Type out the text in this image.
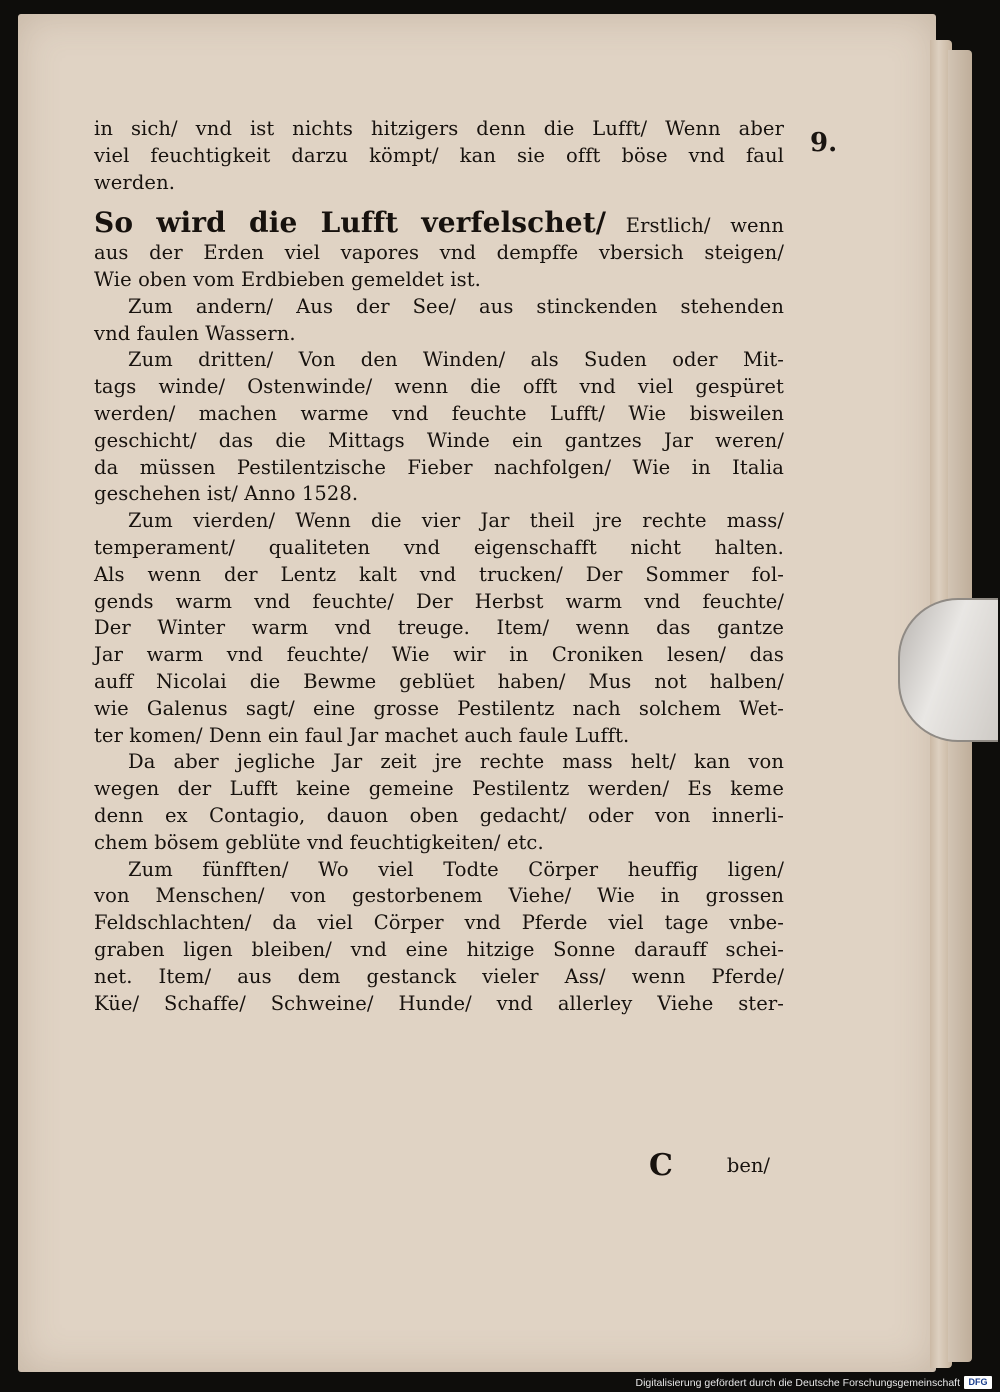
9.

in sich/ vnd ist nichts hitzigers denn die Lufft/ Wenn aber
viel feuchtigkeit darzu kömpt/ kan sie offt böse vnd faul
werden.

So wird die Lufft verfelschet/ Erstlich/ wenn
aus der Erden viel vapores vnd dempffe vbersich steigen/
Wie oben vom Erdbieben gemeldet ist.

Zum andern/ Aus der See/ aus stinckenden stehenden
vnd faulen Wassern.

Zum dritten/ Von den Winden/ als Suden oder Mit-
tags winde/ Ostenwinde/ wenn die offt vnd viel gespüret
werden/ machen warme vnd feuchte Lufft/ Wie bisweilen
geschicht/ das die Mittags Winde ein gantzes Jar weren/
da müssen Pestilentzische Fieber nachfolgen/ Wie in Italia
geschehen ist/ Anno 1528.

Zum vierden/ Wenn die vier Jar theil jre rechte mass/
temperament/ qualiteten vnd eigenschafft nicht halten.
Als wenn der Lentz kalt vnd trucken/ Der Sommer fol-
gends warm vnd feuchte/ Der Herbst warm vnd feuchte/
Der Winter warm vnd treuge. Item/ wenn das gantze
Jar warm vnd feuchte/ Wie wir in Croniken lesen/ das
auff Nicolai die Bewme geblüet haben/ Mus not halben/
wie Galenus sagt/ eine grosse Pestilentz nach solchem Wet-
ter komen/ Denn ein faul Jar machet auch faule Lufft.

Da aber jegliche Jar zeit jre rechte mass helt/ kan von
wegen der Lufft keine gemeine Pestilentz werden/ Es keme
denn ex Contagio, dauon oben gedacht/ oder von innerli-
chem bösem geblüte vnd feuchtigkeiten/ etc.

Zum fünfften/ Wo viel Todte Cörper heuffig ligen/
von Menschen/ von gestorbenem Viehe/ Wie in grossen
Feldschlachten/ da viel Cörper vnd Pferde viel tage vnbe-
graben ligen bleiben/ vnd eine hitzige Sonne darauff schei-
net. Item/ aus dem gestanck vieler Ass/ wenn Pferde/
Küe/ Schaffe/ Schweine/ Hunde/ vnd allerley Viehe ster-

C	ben/
Digitalisierung gefördert durch die Deutsche Forschungsgemeinschaft DFG
